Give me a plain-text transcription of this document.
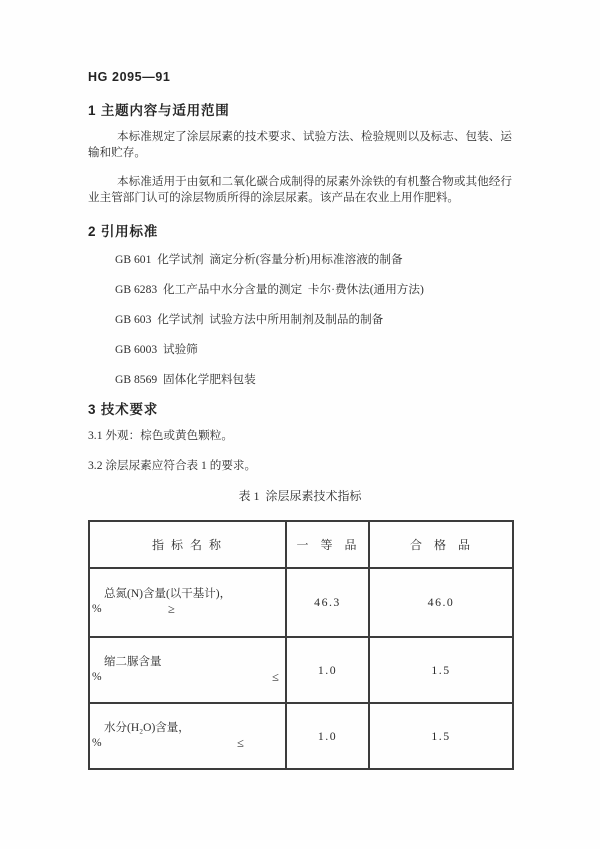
HG 2095—91
1 主题内容与适用范围

本标准规定了涂层尿素的技术要求、试验方法、检验规则以及标志、包装、运输和贮存。

本标准适用于由氨和二氧化碳合成制得的尿素外涂铁的有机螯合物或其他经行业主管部门认可的涂层物质所得的涂层尿素。该产品在农业上用作肥料。

2 引用标准
GB 601  化学试剂  滴定分析(容量分析)用标准溶液的制备
GB 6283  化工产品中水分含量的测定  卡尔·费休法(通用方法)
GB 603  化学试剂  试验方法中所用制剂及制品的制备
GB 6003  试验筛
GB 8569  固体化学肥料包装
3 技术要求
3.1 外观：棕色或黄色颗粒。
3.2 涂层尿素应符合表 1 的要求。
表 1  涂层尿素技术指标
指 标 名 称	一  等  品	合  格  品

总氮(N)含量(以干基计)，
% ≥	46.3	46.0

缩二脲含量
% ≤	1.0	1.5

水分(H₂O)含量，
% ≤	1.0	1.5
